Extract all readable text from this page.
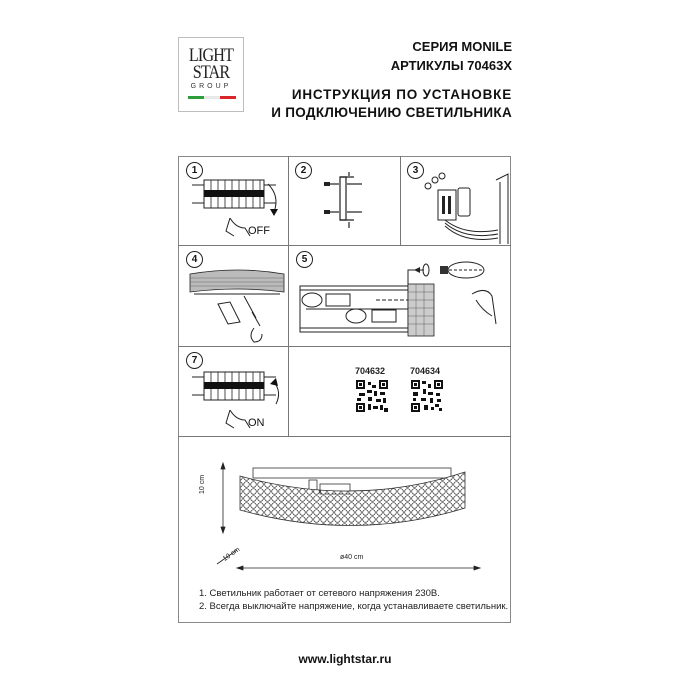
LIGHT
STAR
GROUP
СЕРИЯ MONILE
АРТИКУЛЫ 70463X
ИНСТРУКЦИЯ ПО УСТАНОВКЕ
И ПОДКЛЮЧЕНИЮ СВЕТИЛЬНИКА
1
OFF
2	3
4	5
7
ON
704632	704634
10 cm
10 cm	ø40 cm
1. Светильник работает от сетевого напряжения 230В.
2. Всегда выключайте напряжение, когда устанавливаете светильник.
www.lightstar.ru
